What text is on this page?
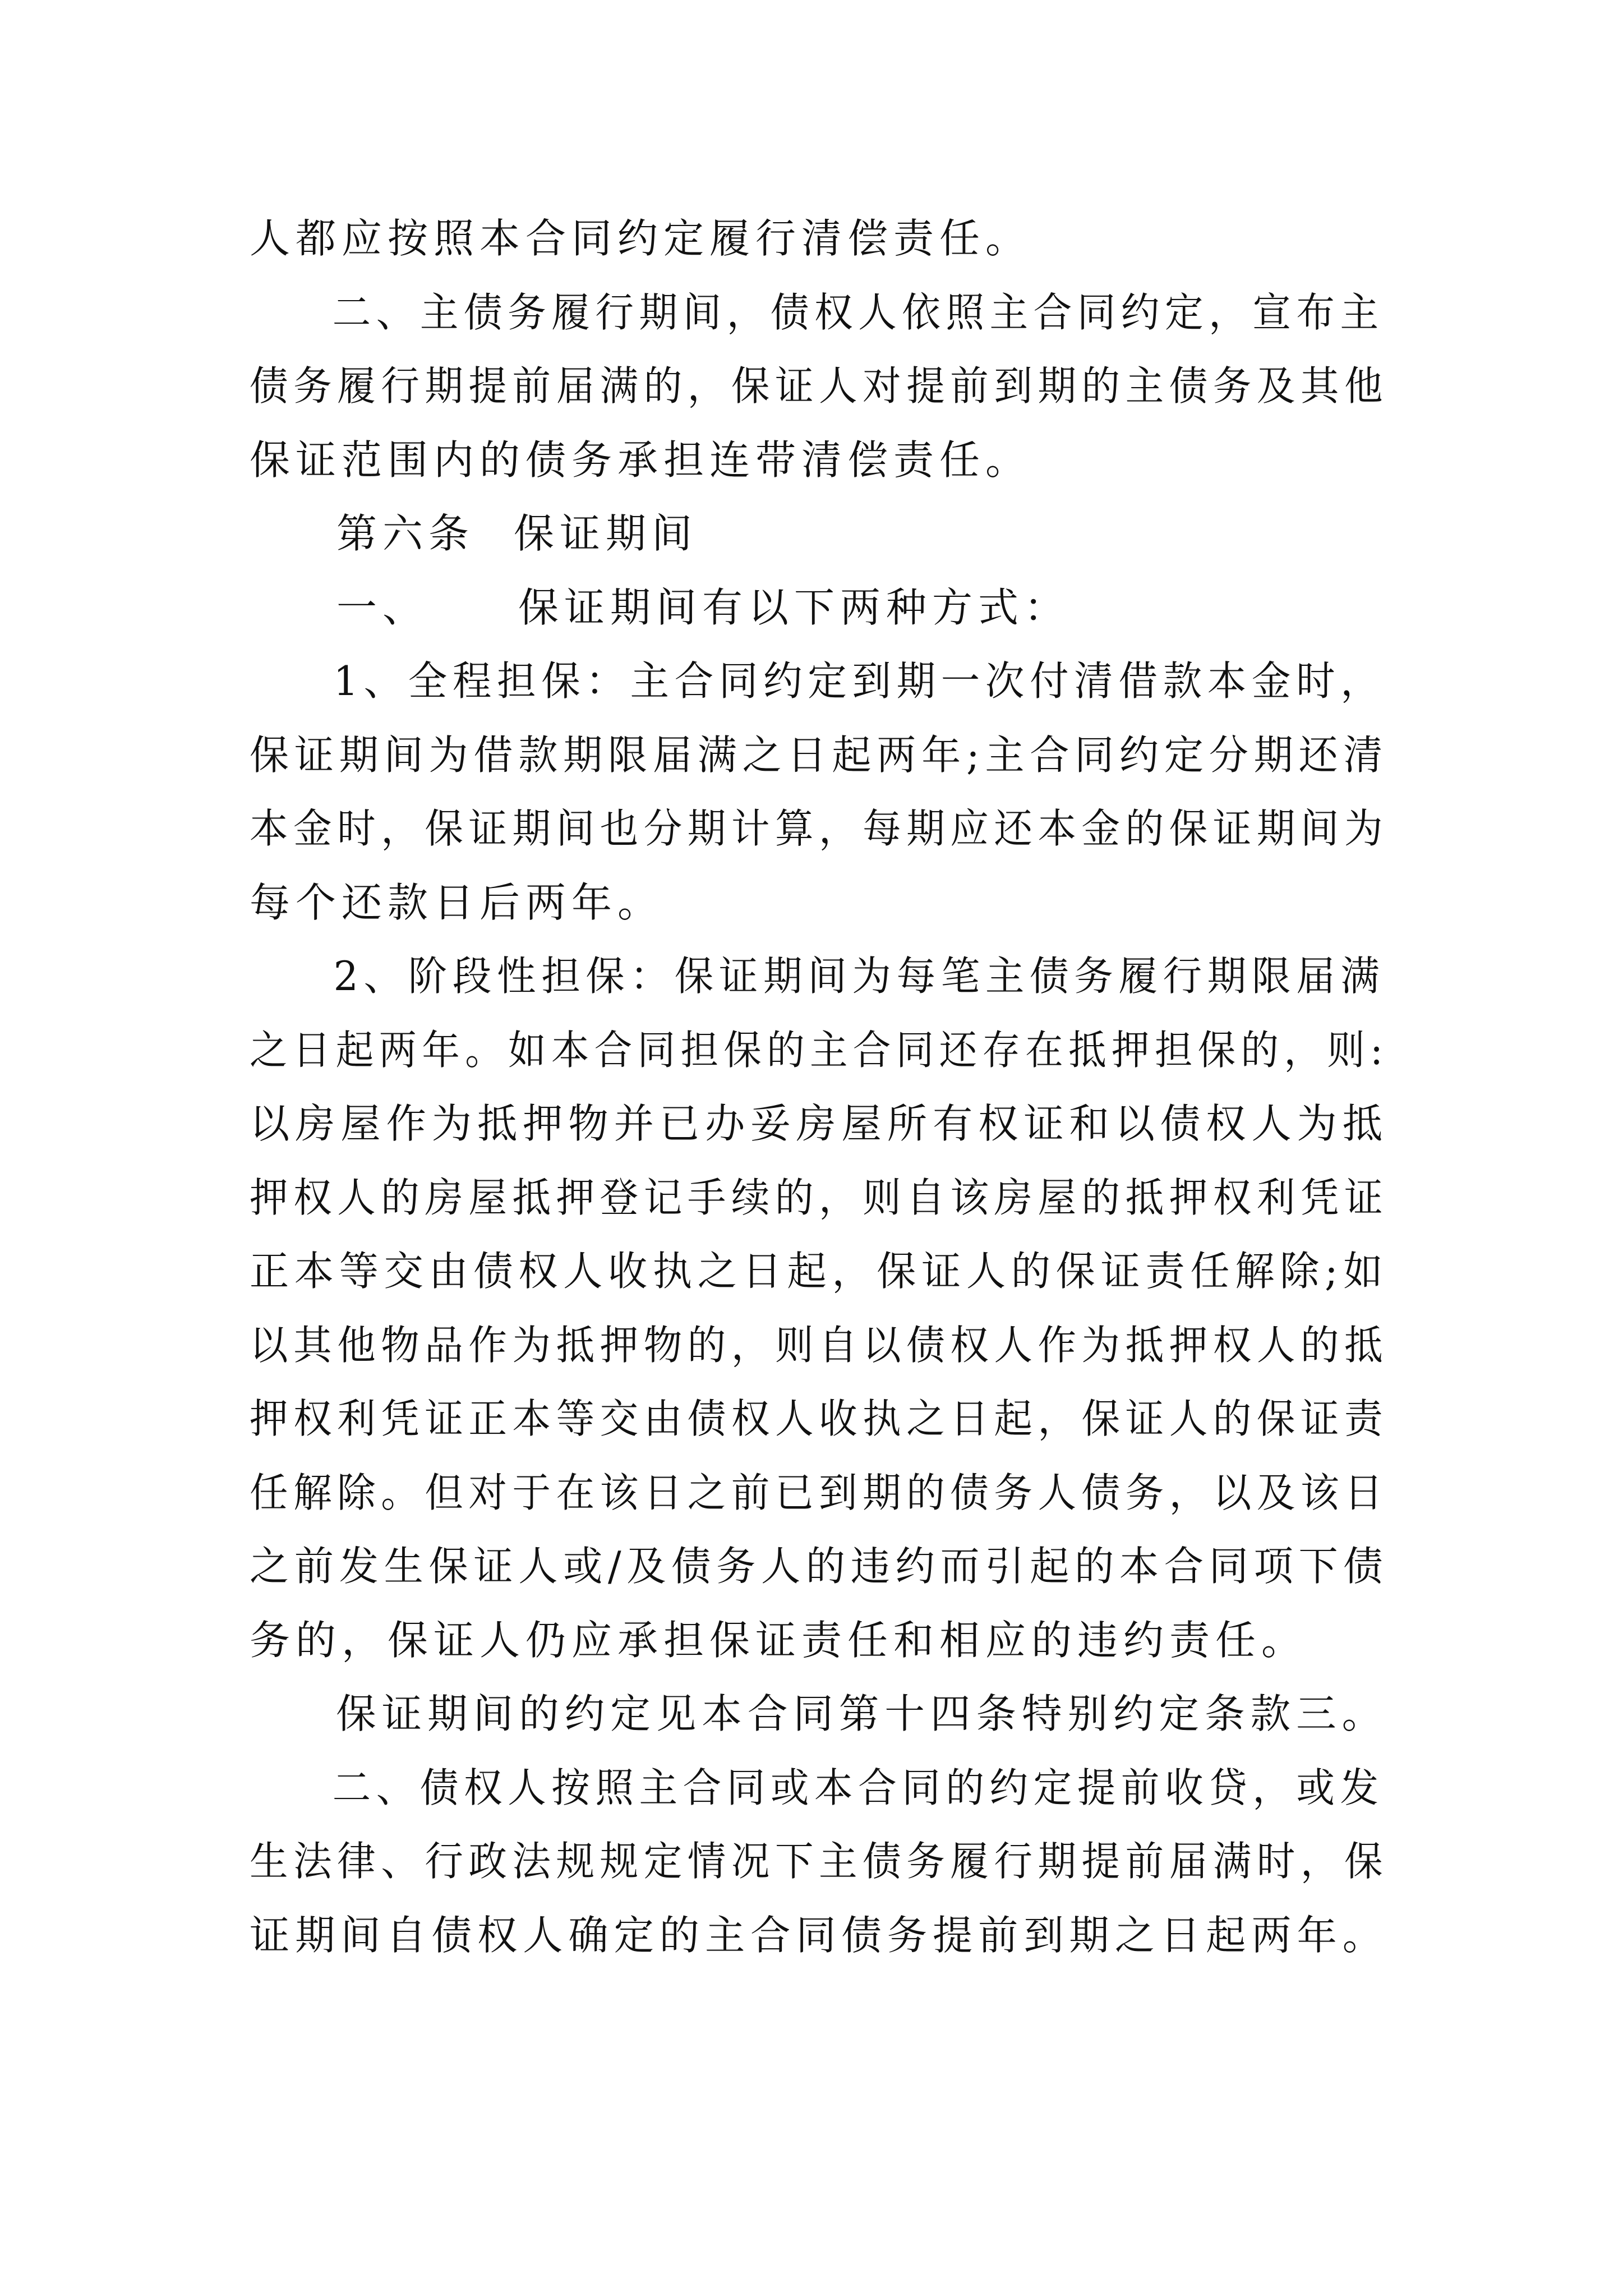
人都应按照本合同约定履行清偿责任。
二、主债务履行期间，债权人依照主合同约定，宣布主
债务履行期提前届满的，保证人对提前到期的主债务及其他
保证范围内的债务承担连带清偿责任。
第六条 保证期间
一、 保证期间有以下两种方式：
1、全程担保：主合同约定到期一次付清借款本金时，
保证期间为借款期限届满之日起两年;主合同约定分期还清
本金时，保证期间也分期计算，每期应还本金的保证期间为
每个还款日后两年。
2、阶段性担保：保证期间为每笔主债务履行期限届满
之日起两年。如本合同担保的主合同还存在抵押担保的，则:
以房屋作为抵押物并已办妥房屋所有权证和以债权人为抵
押权人的房屋抵押登记手续的，则自该房屋的抵押权利凭证
正本等交由债权人收执之日起，保证人的保证责任解除;如
以其他物品作为抵押物的，则自以债权人作为抵押权人的抵
押权利凭证正本等交由债权人收执之日起，保证人的保证责
任解除。但对于在该日之前已到期的债务人债务，以及该日
之前发生保证人或/及债务人的违约而引起的本合同项下债
务的，保证人仍应承担保证责任和相应的违约责任。
保证期间的约定见本合同第十四条特别约定条款三。
二、债权人按照主合同或本合同的约定提前收贷，或发
生法律、行政法规规定情况下主债务履行期提前届满时，保
证期间自债权人确定的主合同债务提前到期之日起两年。
